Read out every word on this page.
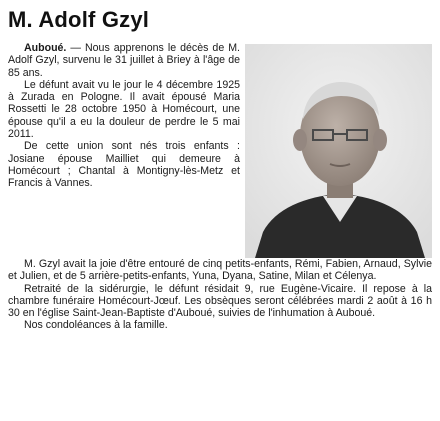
M. Adolf Gzyl

Auboué. — Nous apprenons le décès de M. Adolf Gzyl, survenu le 31 juillet à Briey à l'âge de 85 ans.

Le défunt avait vu le jour le 4 décembre 1925 à Zurada en Pologne. Il avait épousé Maria Rossetti le 28 octobre 1950 à Homécourt, une épouse qu'il a eu la douleur de perdre le 5 mai 2011.

De cette union sont nés trois enfants : Josiane épouse Mailliet qui demeure à Homécourt ; Chantal à Montigny-lès-Metz et Francis à Vannes.

M. Gzyl avait la joie d'être entouré de cinq petits-enfants, Rémi, Fabien, Arnaud, Sylvie et Julien, et de 5 arrière-petits-enfants, Yuna, Dyana, Satine, Milan et Célenya.

Retraité de la sidérurgie, le défunt résidait 9, rue Eugène-Vicaire. Il repose à la chambre funéraire Homécourt-Jœuf. Les obsèques seront célébrées mardi 2 août à 16 h 30 en l'église Saint-Jean-Baptiste d'Auboué, suivies de l'inhumation à Auboué.

Nos condoléances à la famille.
